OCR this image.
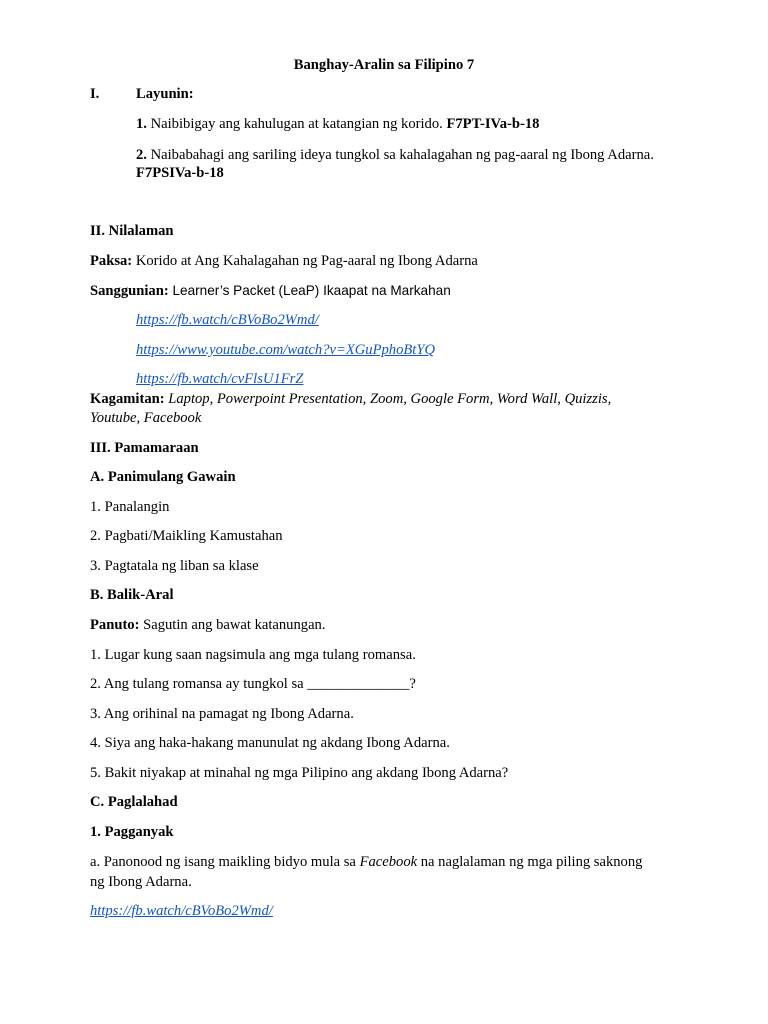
Banghay-Aralin sa Filipino 7
I.	Layunin:
1. Naibibigay ang kahulugan at katangian ng korido. F7PT-IVa-b-18
2. Naibabahagi ang sariling ideya tungkol sa kahalagahan ng pag-aaral ng Ibong Adarna.
F7PSIVa-b-18
II. Nilalaman
Paksa: Korido at Ang Kahalagahan ng Pag-aaral ng Ibong Adarna
Sanggunian: Learner’s Packet (LeaP) Ikaapat na Markahan
https://fb.watch/cBVoBo2Wmd/
https://www.youtube.com/watch?v=XGuPphoBtYQ
https://fb.watch/cvFlsU1FrZ
Kagamitan: Laptop, Powerpoint Presentation, Zoom, Google Form, Word Wall, Quizzis,
Youtube, Facebook
III. Pamamaraan
A. Panimulang Gawain
1. Panalangin
2. Pagbati/Maikling Kamustahan
3. Pagtatala ng liban sa klase
B. Balik-Aral
Panuto: Sagutin ang bawat katanungan.
1. Lugar kung saan nagsimula ang mga tulang romansa.
2. Ang tulang romansa ay tungkol sa ______________?
3. Ang orihinal na pamagat ng Ibong Adarna.
4. Siya ang haka-hakang manunulat ng akdang Ibong Adarna.
5. Bakit niyakap at minahal ng mga Pilipino ang akdang Ibong Adarna?
C. Paglalahad
1. Pagganyak
a. Panonood ng isang maikling bidyo mula sa Facebook na naglalaman ng mga piling saknong
ng Ibong Adarna.
https://fb.watch/cBVoBo2Wmd/
